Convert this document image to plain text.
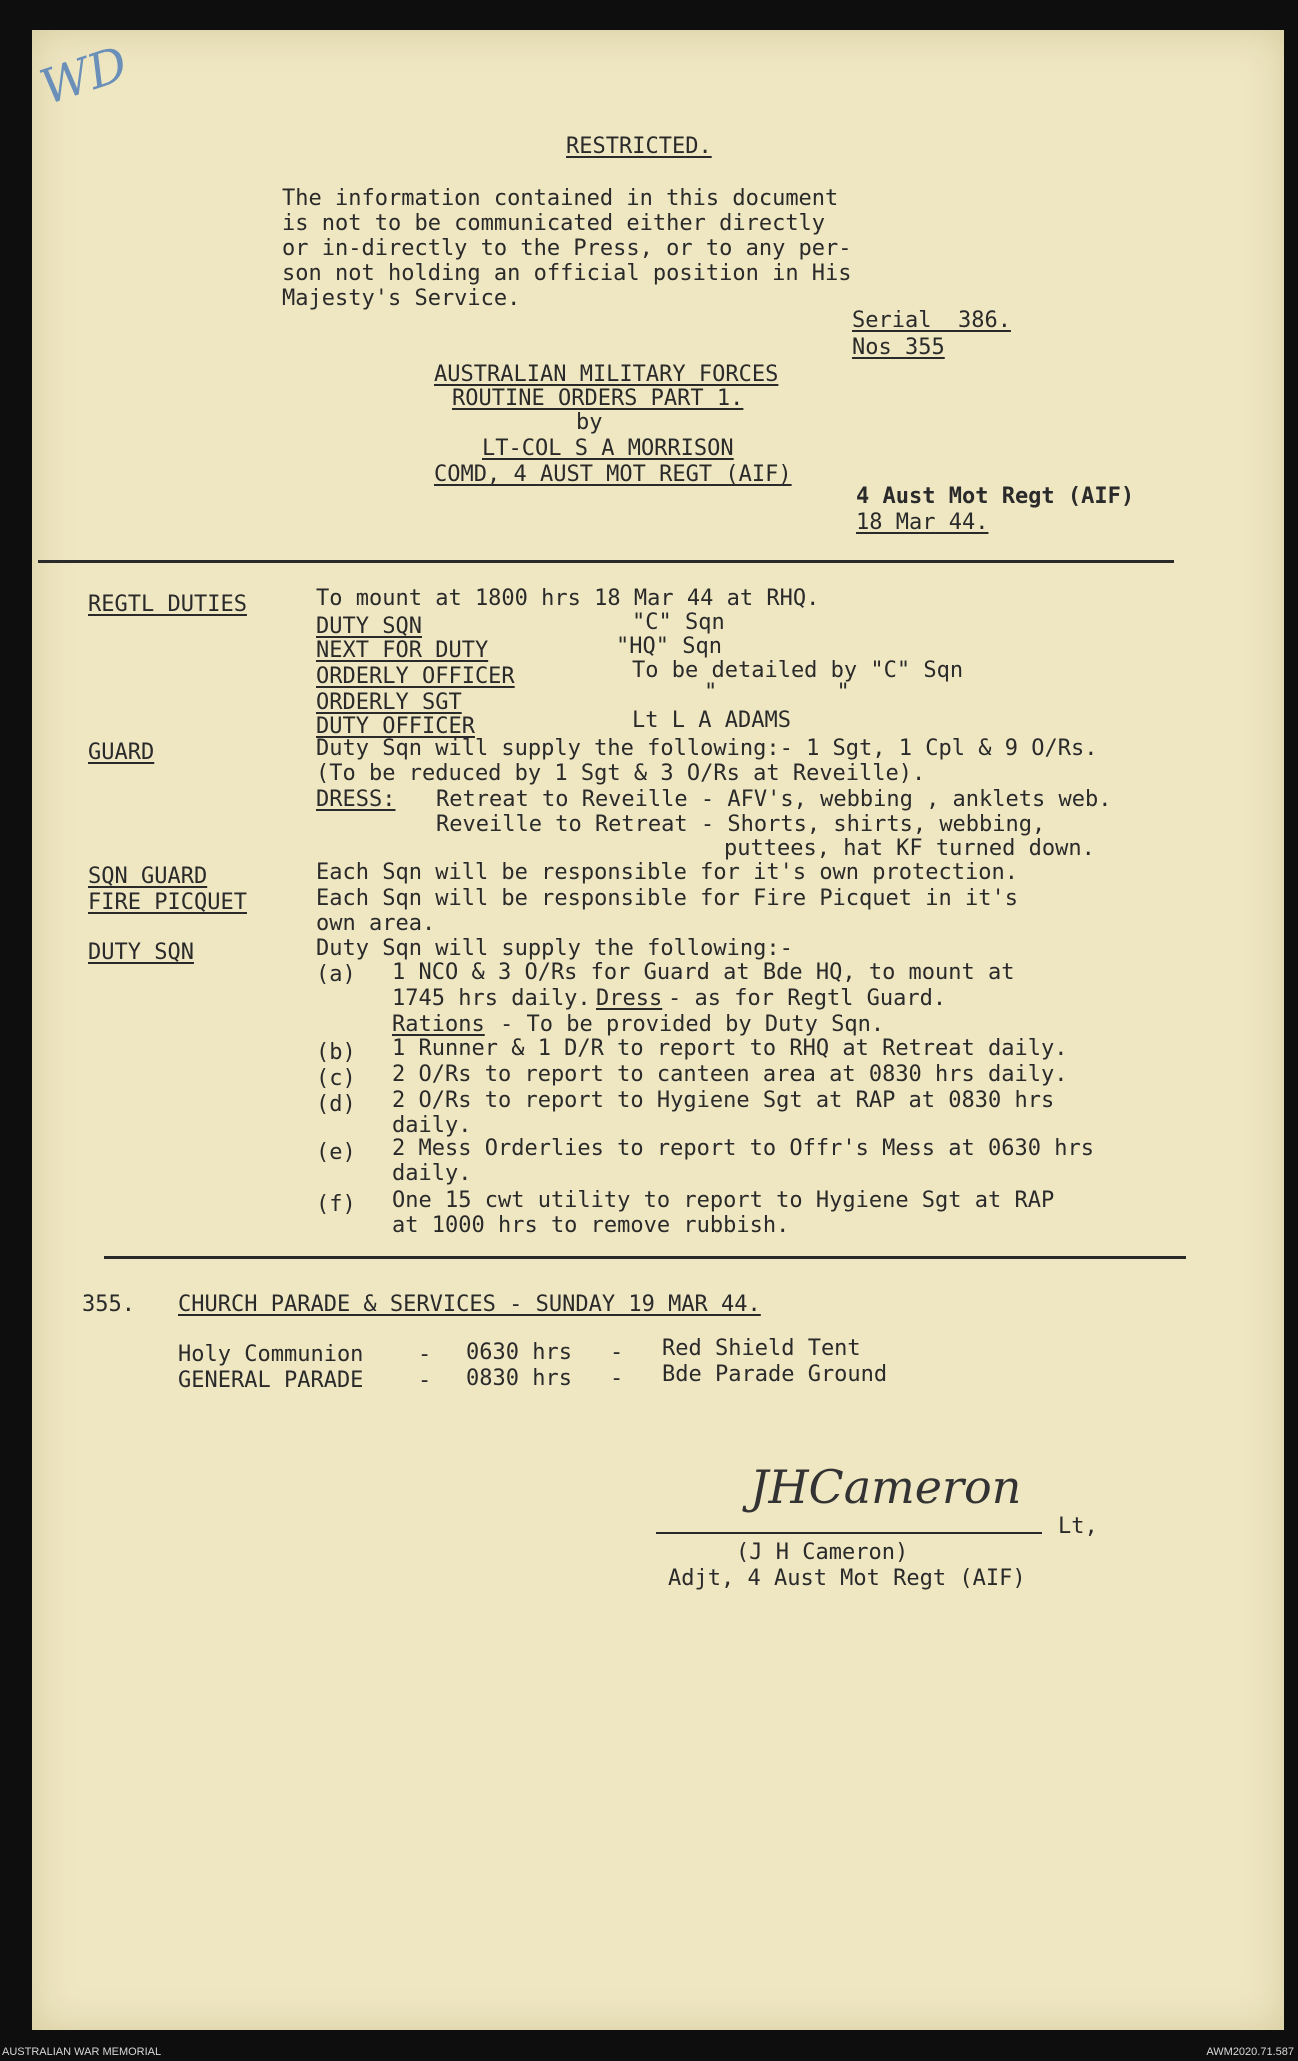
WD
RESTRICTED.
The information contained in this document
is not to be communicated either directly
or in-directly to the Press, or to any per-
son not holding an official position in His
Majesty's Service.
Serial  386.
Nos 355
AUSTRALIAN MILITARY FORCES
ROUTINE ORDERS PART 1.
by
LT-COL S A MORRISON
COMD, 4 AUST MOT REGT (AIF)
4 Aust Mot Regt (AIF)
18 Mar 44.
REGTL DUTIES	To mount at 1800 hrs 18 Mar 44 at RHQ.
DUTY SQN	"C" Sqn
NEXT FOR DUTY	"HQ" Sqn
ORDERLY OFFICER	To be detailed by "C" Sqn
ORDERLY SGT	"         "
DUTY OFFICER	Lt L A ADAMS
GUARD	Duty Sqn will supply the following:- 1 Sgt, 1 Cpl & 9 O/Rs.
(To be reduced by 1 Sgt & 3 O/Rs at Reveille).
DRESS: Retreat to Reveille - AFV's, webbing , anklets web.
Reveille to Retreat - Shorts, shirts, webbing,
puttees, hat KF turned down.
SQN GUARD	Each Sqn will be responsible for it's own protection.
FIRE PICQUET	Each Sqn will be responsible for Fire Picquet in it's
own area.
DUTY SQN	Duty Sqn will supply the following:-
(a) 1 NCO & 3 O/Rs for Guard at Bde HQ, to mount at
1745 hrs daily. Dress - as for Regtl Guard.
Rations - To be provided by Duty Sqn.
(b) 1 Runner & 1 D/R to report to RHQ at Retreat daily.
(c) 2 O/Rs to report to canteen area at 0830 hrs daily.
(d) 2 O/Rs to report to Hygiene Sgt at RAP at 0830 hrs
daily.
(e) 2 Mess Orderlies to report to Offr's Mess at 0630 hrs
daily.
(f) One 15 cwt utility to report to Hygiene Sgt at RAP
at 1000 hrs to remove rubbish.
355. CHURCH PARADE & SERVICES - SUNDAY 19 MAR 44.
Holy Communion - 0630 hrs - Red Shield Tent
GENERAL PARADE - 0830 hrs - Bde Parade Ground
JHCameron
Lt,
(J H Cameron)
Adjt, 4 Aust Mot Regt (AIF)
AUSTRALIAN WAR MEMORIAL	AWM2020.71.587
